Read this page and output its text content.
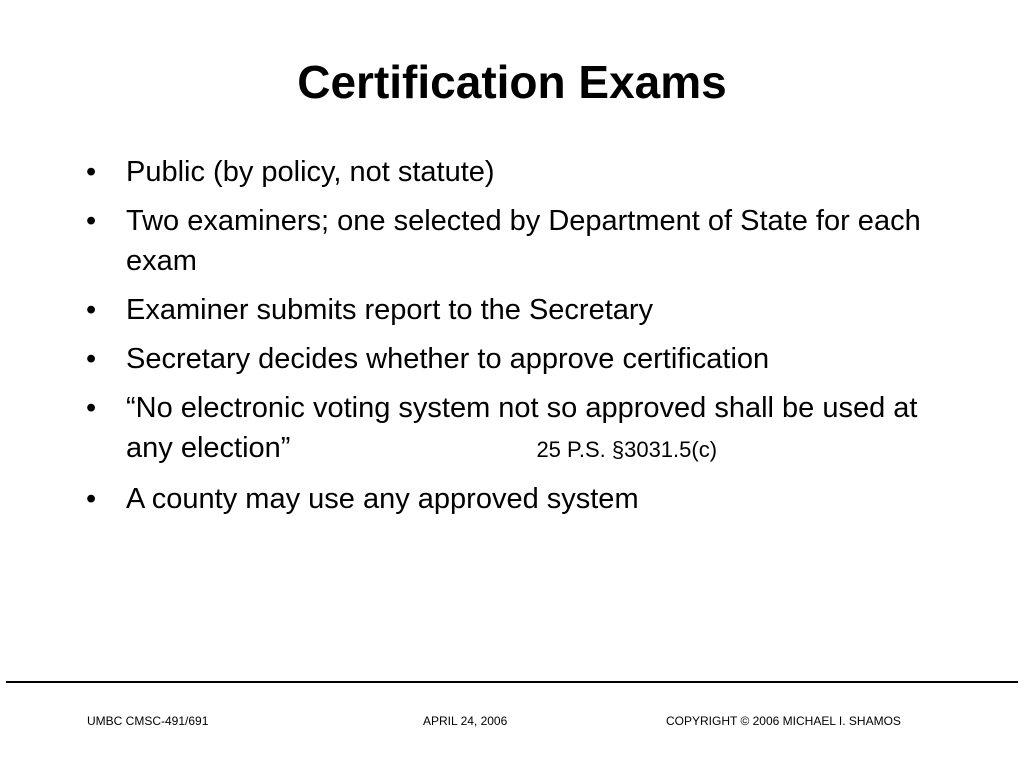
Certification Exams
• Public (by policy, not statute)
• Two examiners; one selected by Department of State for each exam
• Examiner submits report to the Secretary
• Secretary decides whether to approve certification
• “No electronic voting system not so approved shall be used at any election”	25 P.S. §3031.5(c)
• A county may use any approved system
UMBC CMSC-491/691	APRIL 24, 2006	COPYRIGHT © 2006 MICHAEL I. SHAMOS
